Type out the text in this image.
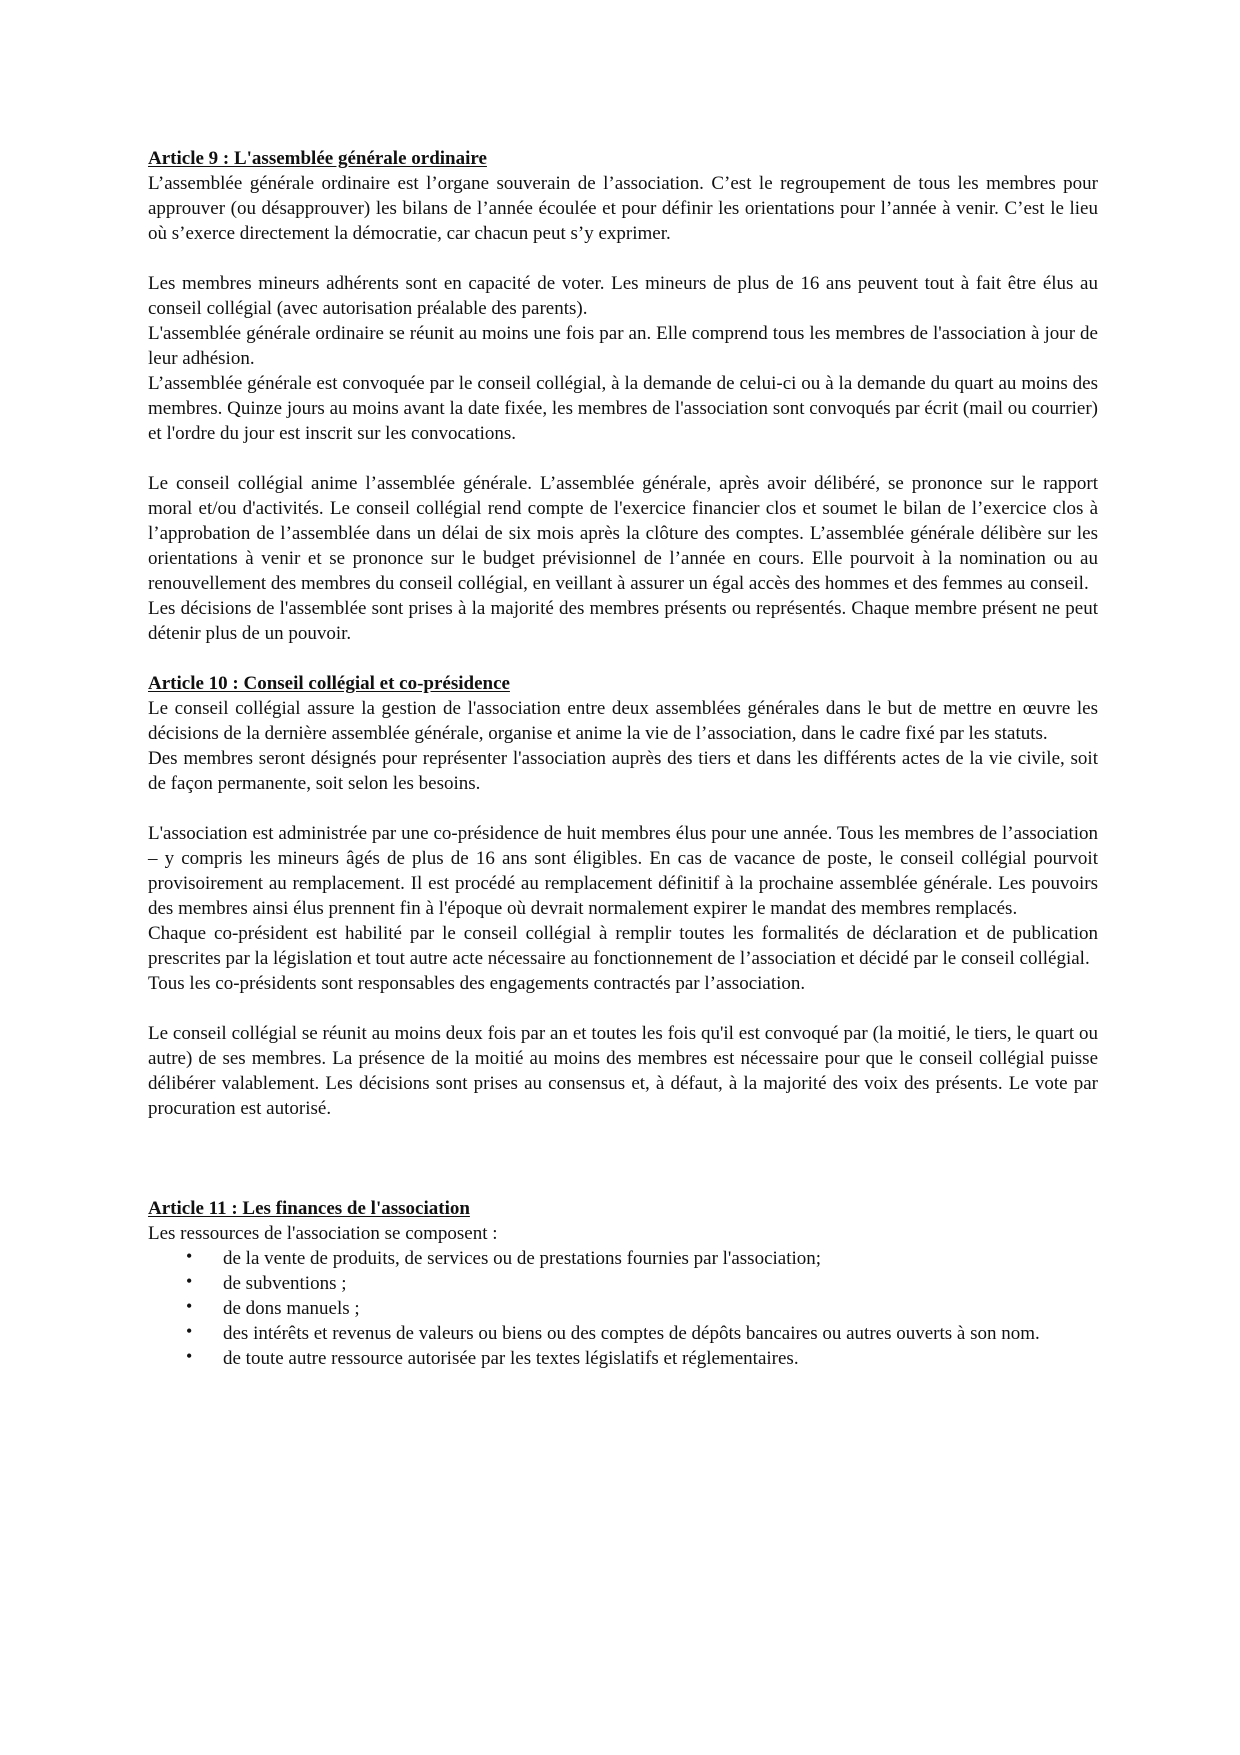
Article 9 : L'assemblée générale ordinaire

L’assemblée générale ordinaire est l’organe souverain de l’association. C’est le regroupement de tous les membres pour approuver (ou désapprouver) les bilans de l’année écoulée et pour définir les orientations pour l’année à venir. C’est le lieu où s’exerce directement la démocratie, car chacun peut s’y exprimer.

Les membres mineurs adhérents sont en capacité de voter. Les mineurs de plus de 16 ans peuvent tout à fait être élus au conseil collégial (avec autorisation préalable des parents).

L'assemblée générale ordinaire se réunit au moins une fois par an. Elle comprend tous les membres de l'association à jour de leur adhésion.

L’assemblée générale est convoquée par le conseil collégial, à la demande de celui-ci ou à la demande du quart au moins des membres. Quinze jours au moins avant la date fixée, les membres de l'association sont convoqués par écrit (mail ou courrier) et l'ordre du jour est inscrit sur les convocations.

Le conseil collégial anime l’assemblée générale. L’assemblée générale, après avoir délibéré, se prononce sur le rapport moral et/ou d'activités. Le conseil collégial rend compte de l'exercice financier clos et soumet le bilan de l’exercice clos à l’approbation de l’assemblée dans un délai de six mois après la clôture des comptes. L’assemblée générale délibère sur les orientations à venir et se prononce sur le budget prévisionnel de l’année en cours. Elle pourvoit à la nomination ou au renouvellement des membres du conseil collégial, en veillant à assurer un égal accès des hommes et des femmes au conseil.

Les décisions de l'assemblée sont prises à la majorité des membres présents ou représentés. Chaque membre présent ne peut détenir plus de un pouvoir.

Article 10 : Conseil collégial et co-présidence

Le conseil collégial assure la gestion de l'association entre deux assemblées générales dans le but de mettre en œuvre les décisions de la dernière assemblée générale, organise et anime la vie de l’association, dans le cadre fixé par les statuts.

Des membres seront désignés pour représenter l'association auprès des tiers et dans les différents actes de la vie civile, soit de façon permanente, soit selon les besoins.

L'association est administrée par une co-présidence de huit membres élus pour une année. Tous les membres de l’association – y compris les mineurs âgés de plus de 16 ans sont éligibles. En cas de vacance de poste, le conseil collégial pourvoit provisoirement au remplacement. Il est procédé au remplacement définitif à la prochaine assemblée générale. Les pouvoirs des membres ainsi élus prennent fin à l'époque où devrait normalement expirer le mandat des membres remplacés.

Chaque co-président est habilité par le conseil collégial à remplir toutes les formalités de déclaration et de publication prescrites par la législation et tout autre acte nécessaire au fonctionnement de l’association et décidé par le conseil collégial.

Tous les co-présidents sont responsables des engagements contractés par l’association.

Le conseil collégial se réunit au moins deux fois par an et toutes les fois qu'il est convoqué par (la moitié, le tiers, le quart ou autre) de ses membres. La présence de la moitié au moins des membres est nécessaire pour que le conseil collégial puisse délibérer valablement. Les décisions sont prises au consensus et, à défaut, à la majorité des voix des présents. Le vote par procuration est autorisé.

Article 11 : Les finances de l'association

Les ressources de l'association se composent :

• de la vente de produits, de services ou de prestations fournies par l'association;
• de subventions ;
• de dons manuels ;
• des intérêts et revenus de valeurs ou biens ou des comptes de dépôts bancaires ou autres ouverts à son nom.
• de toute autre ressource autorisée par les textes législatifs et réglementaires.
